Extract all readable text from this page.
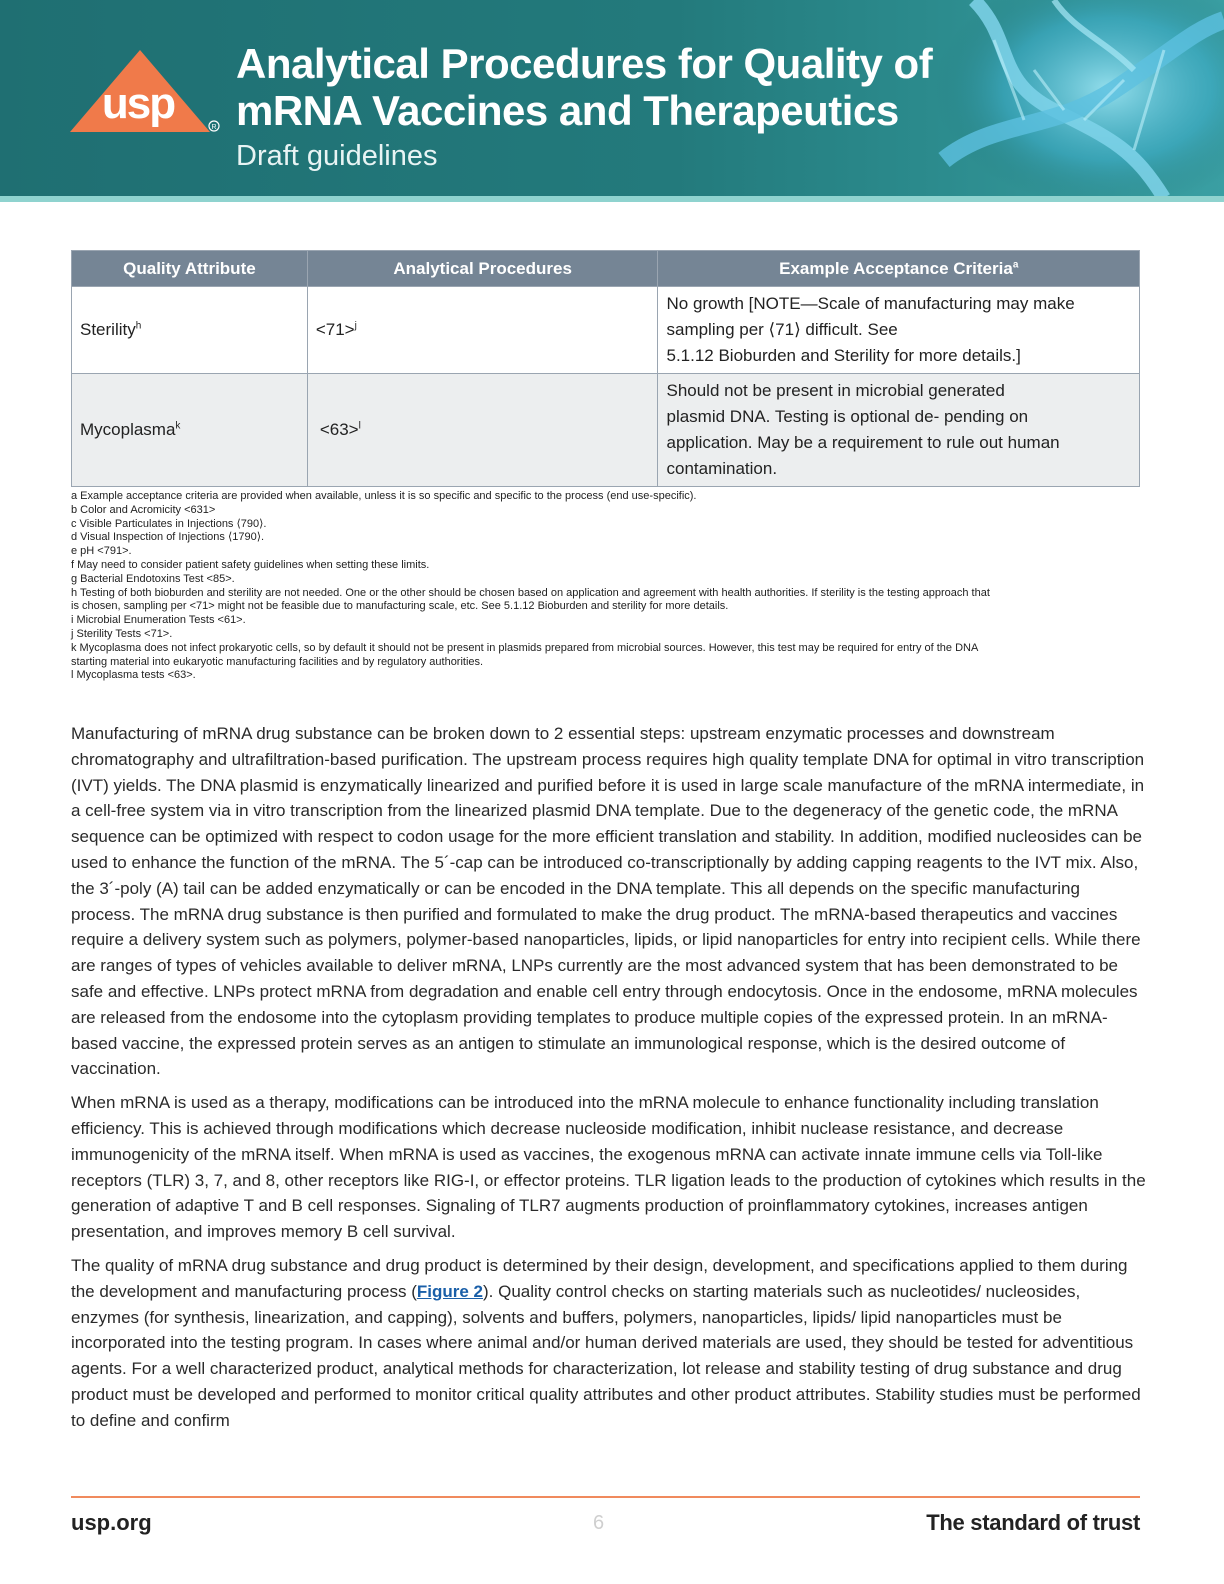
usp	R
Analytical Procedures for Quality of
mRNA Vaccines and Therapeutics
Draft guidelines
Quality Attribute	Analytical Procedures	Example Acceptance Criteria$^a$
Sterility$^h$	<71>$^j$	No growth [NOTE—Scale of manufacturing may make
sampling per ⟨71⟩ difficult. See
5.1.12 Bioburden and Sterility for more details.]
Mycoplasma$^k$	<63>$^l$	Should not be present in microbial generated
plasmid DNA. Testing is optional de- pending on
application. May be a requirement to rule out human
contamination.

a Example acceptance criteria are provided when available, unless it is so specific and specific to the process (end use-specific).

b Color and Acromicity <631>

c Visible Particulates in Injections ⟨790⟩.

d Visual Inspection of Injections ⟨1790⟩.

e pH <791>.

f May need to consider patient safety guidelines when setting these limits.

g Bacterial Endotoxins Test <85>.

h Testing of both bioburden and sterility are not needed. One or the other should be chosen based on application and agreement with health authorities. If sterility is the testing approach that

is chosen, sampling per <71> might not be feasible due to manufacturing scale, etc. See 5.1.12 Bioburden and sterility for more details.

i Microbial Enumeration Tests <61>.

j Sterility Tests <71>.

k Mycoplasma does not infect prokaryotic cells, so by default it should not be present in plasmids prepared from microbial sources. However, this test may be required for entry of the DNA

starting material into eukaryotic manufacturing facilities and by regulatory authorities.

l Mycoplasma tests <63>.

Manufacturing of mRNA drug substance can be broken down to 2 essential steps: upstream enzymatic processes and downstream chromatography and ultrafiltration-based purification. The upstream process requires high quality template DNA for optimal in vitro transcription (IVT) yields. The DNA plasmid is enzymatically linearized and purified before it is used in large scale manufacture of the mRNA intermediate, in a cell-free system via in vitro transcription from the linearized plasmid DNA template. Due to the degeneracy of the genetic code, the mRNA sequence can be optimized with respect to codon usage for the more efficient translation and stability. In addition, modified nucleosides can be used to enhance the function of the mRNA. The 5´-cap can be introduced co-transcriptionally by adding capping reagents to the IVT mix. Also, the 3´-poly (A) tail can be added enzymatically or can be encoded in the DNA template. This all depends on the specific manufacturing process. The mRNA drug substance is then purified and formulated to make the drug product. The mRNA-based therapeutics and vaccines require a delivery system such as polymers, polymer-based nanoparticles, lipids, or lipid nanoparticles for entry into recipient cells. While there are ranges of types of vehicles available to deliver mRNA, LNPs currently are the most advanced system that has been demonstrated to be safe and effective. LNPs protect mRNA from degradation and enable cell entry through endocytosis. Once in the endosome, mRNA molecules are released from the endosome into the cytoplasm providing templates to produce multiple copies of the expressed protein. In an mRNA-based vaccine, the expressed protein serves as an antigen to stimulate an immunological response, which is the desired outcome of vaccination.

When mRNA is used as a therapy, modifications can be introduced into the mRNA molecule to enhance functionality including translation efficiency. This is achieved through modifications which decrease nucleoside modification, inhibit nuclease resistance, and decrease immunogenicity of the mRNA itself. When mRNA is used as vaccines, the exogenous mRNA can activate innate immune cells via Toll-like receptors (TLR) 3, 7, and 8, other receptors like RIG-I, or effector proteins. TLR ligation leads to the production of cytokines which results in the generation of adaptive T and B cell responses. Signaling of TLR7 augments production of proinflammatory cytokines, increases antigen presentation, and improves memory B cell survival.

The quality of mRNA drug substance and drug product is determined by their design, development, and specifications applied to them during the development and manufacturing process (Figure 2). Quality control checks on starting materials such as nucleotides/ nucleosides, enzymes (for synthesis, linearization, and capping), solvents and buffers, polymers, nanoparticles, lipids/ lipid nanoparticles must be incorporated into the testing program. In cases where animal and/or human derived materials are used, they should be tested for adventitious agents. For a well characterized product, analytical methods for characterization, lot release and stability testing of drug substance and drug product must be developed and performed to monitor critical quality attributes and other product attributes. Stability studies must be performed to define and confirm

usp.org	6	The standard of trust
